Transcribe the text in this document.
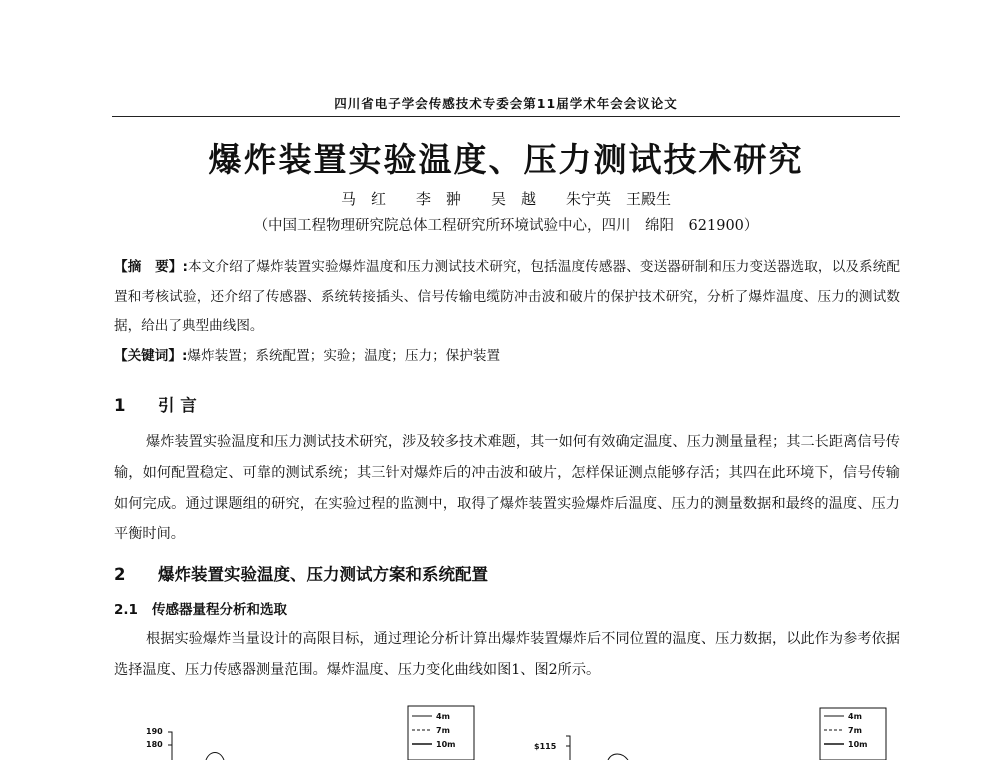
四川省电子学会传感技术专委会第11届学术年会会议论文
爆炸装置实验温度、压力测试技术研究
马　红　　李　翀　　吴　越　　朱宁英　王殿生
（中国工程物理研究院总体工程研究所环境试验中心，四川　绵阳　621900）
【摘　要】:本文介绍了爆炸装置实验爆炸温度和压力测试技术研究，包括温度传感器、变送器研制和压力变送器选取，以及系统配置和考核试验，还介绍了传感器、系统转接插头、信号传输电缆防冲击波和破片的保护技术研究，分析了爆炸温度、压力的测试数据，给出了典型曲线图。
【关键词】:爆炸装置；系统配置；实验；温度；压力；保护装置
1 引 言
爆炸装置实验温度和压力测试技术研究，涉及较多技术难题，其一如何有效确定温度、压力测量量程；其二长距离信号传输，如何配置稳定、可靠的测试系统；其三针对爆炸后的冲击波和破片，怎样保证测点能够存活；其四在此环境下，信号传输如何完成。通过课题组的研究，在实验过程的监测中，取得了爆炸装置实验爆炸后温度、压力的测量数据和最终的温度、压力平衡时间。
2 爆炸装置实验温度、压力测试方案和系统配置
2.1 传感器量程分析和选取
根据实验爆炸当量设计的高限目标，通过理论分析计算出爆炸装置爆炸后不同位置的温度、压力数据，以此作为参考依据选择温度、压力传感器测量范围。爆炸温度、压力变化曲线如图1、图2所示。
190
180
4m
7m
10m	$115
4m
7m
10m
